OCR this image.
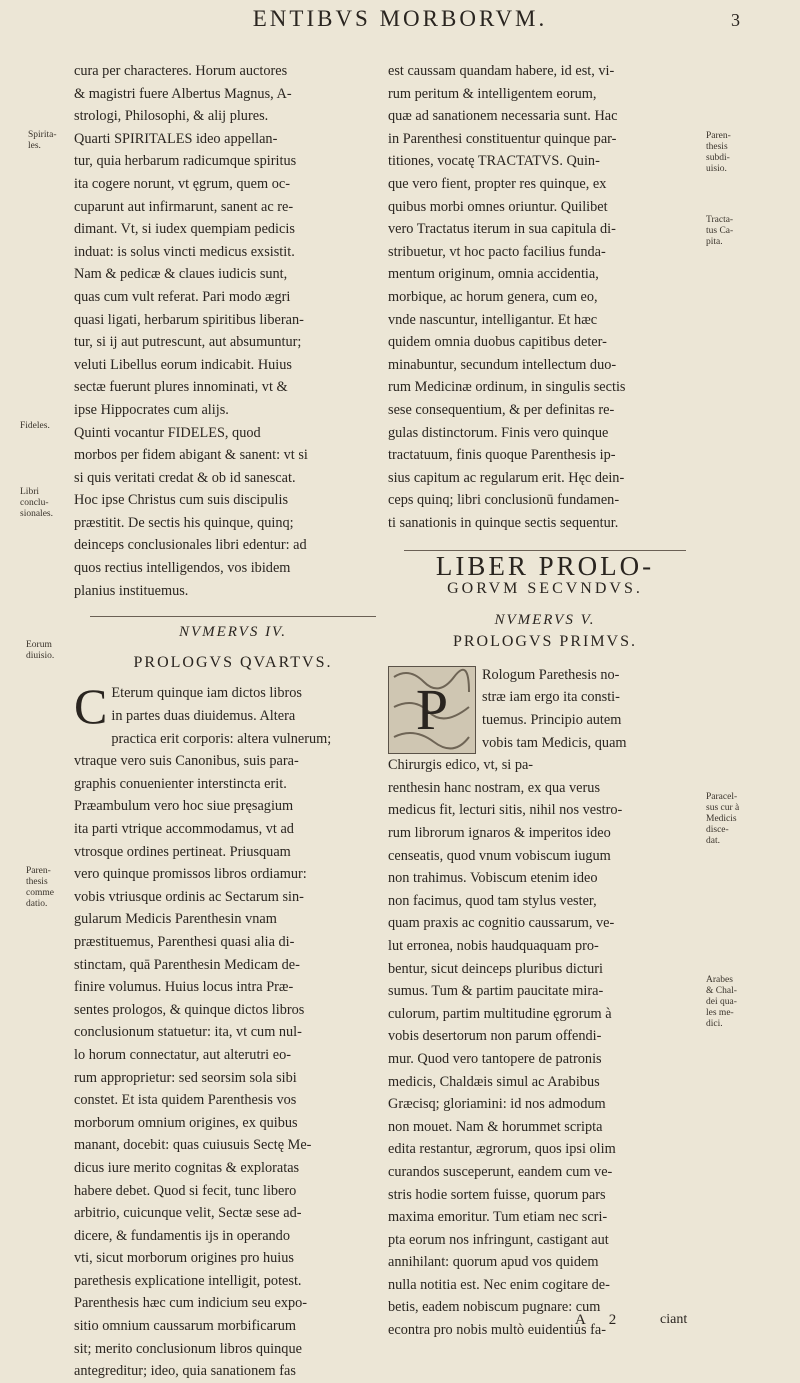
ENTIBVS MORBORVM.	3
cura per characteres. Horum auctores
& magistri fuere Albertus Magnus, A-
strologi, Philosophi, & alij plures.
Quarti SPIRITALES ideo appellan-
tur, quia herbarum radicumque spiritus
ita cogere norunt, vt ęgrum, quem oc-
cuparunt aut infirmarunt, sanent ac re-
dimant. Vt, si iudex quempiam pedicis
induat: is solus vincti medicus exsistit.
Nam & pedicæ & claues iudicis sunt,
quas cum vult referat. Pari modo ægri
quasi ligati, herbarum spiritibus liberan-
tur, si ij aut putrescunt, aut absumuntur;
veluti Libellus eorum indicabit. Huius
sectæ fuerunt plures innominati, vt &
ipse Hippocrates cum alijs.
Quinti vocantur FIDELES, quod
morbos per fidem abigant & sanent: vt si
si quis veritati credat & ob id sanescat.
Hoc ipse Christus cum suis discipulis
præstitit. De sectis his quinque, quinq;
deinceps conclusionales libri edentur: ad
quos rectius intelligendos, vos ibidem
planius instituemus.
NVMERVS IV.
PROLOGVS QVARTVS.
C Eterum quinque iam dictos libros
in partes duas diuidemus. Altera
practica erit corporis: altera vulnerum;
vtraque vero suis Canonibus, suis para-
graphis conuenienter interstincta erit.
Præambulum vero hoc siue pręsagium
ita parti vtrique accommodamus, vt ad
vtrosque ordines pertineat. Priusquam
vero quinque promissos libros ordiamur:
vobis vtriusque ordinis ac Sectarum sin-
gularum Medicis Parenthesin vnam
præstituemus, Parenthesi quasi alia di-
stinctam, quā Parenthesin Medicam de-
finire volumus. Huius locus intra Præ-
sentes prologos, & quinque dictos libros
conclusionum statuetur: ita, vt cum nul-
lo horum connectatur, aut alterutri eo-
rum approprietur: sed seorsim sola sibi
constet. Et ista quidem Parenthesis vos
morborum omnium origines, ex quibus
manant, docebit: quas cuiusuis Sectę Me-
dicus iure merito cognitas & exploratas
habere debet. Quod si fecit, tunc libero
arbitrio, cuicunque velit, Sectæ sese ad-
dicere, & fundamentis ijs in operando
vti, sicut morborum origines pro huius
parethesis explicatione intelligit, potest.
Parenthesis hæc cum indicium seu expo-
sitio omnium caussarum morbificarum
sit; merito conclusionum libros quinque
antegreditur; ideo, quia sanationem fas
est caussam quandam habere, id est, vi-
rum peritum & intelligentem eorum,
quæ ad sanationem necessaria sunt. Hac
in Parenthesi constituentur quinque par-
titiones, vocatę TRACTATVS. Quin-
que vero fient, propter res quinque, ex
quibus morbi omnes oriuntur. Quilibet
vero Tractatus iterum in sua capitula di-
stribuetur, vt hoc pacto facilius funda-
mentum originum, omnia accidentia,
morbique, ac horum genera, cum eo,
vnde nascuntur, intelligantur. Et hæc
quidem omnia duobus capitibus deter-
minabuntur, secundum intellectum duo-
rum Medicinæ ordinum, in singulis sectis
sese consequentium, & per definitas re-
gulas distinctorum. Finis vero quinque
tractatuum, finis quoque Parenthesis ip-
sius capitum ac regularum erit. Hęc dein-
ceps quinq; libri conclusionū fundamen-
ti sanationis in quinque sectis sequentur.
LIBER PROLO-
GORVM SECVNDVS.
NVMERVS V.
PROLOGVS PRIMVS.
P
Rologum Parethesis no-
stræ iam ergo ita consti-
tuemus. Principio autem
vobis tam Medicis, quam
Chirurgis edico, vt, si pa-
renthesin hanc nostram, ex qua verus
medicus fit, lecturi sitis, nihil nos vestro-
rum librorum ignaros & imperitos ideo
censeatis, quod vnum vobiscum iugum
non trahimus. Vobiscum etenim ideo
non facimus, quod tam stylus vester,
quam praxis ac cognitio caussarum, ve-
lut erronea, nobis haudquaquam pro-
bentur, sicut deinceps pluribus dicturi
sumus. Tum & partim paucitate mira-
culorum, partim multitudine ęgrorum à
vobis desertorum non parum offendi-
mur. Quod vero tantopere de patronis
medicis, Chaldæis simul ac Arabibus
Græcisq; gloriamini: id nos admodum
non mouet. Nam & horummet scripta
edita restantur, ægrorum, quos ipsi olim
curandos susceperunt, eandem cum ve-
stris hodie sortem fuisse, quorum pars
maxima emoritur. Tum etiam nec scri-
pta eorum nos infringunt, castigant aut
annihilant: quorum apud vos quidem
nulla notitia est. Nec enim cogitare de-
betis, eadem nobiscum pugnare: cum
econtra pro nobis multò euidentius fa-
Spirita-
les.
Fideles.
Libri
conclu-
sionales.
Eorum
diuisio.
Paren-
thesis
comme
datio.
Paren-
thesis
subdi-
uisio.
Tracta-
tus Ca-
pita.
Paracel-
sus cur à
Medicis
disce-
dat.
Arabes
& Chal-
dei qua-
les me-
dici.
A 2 ciant
